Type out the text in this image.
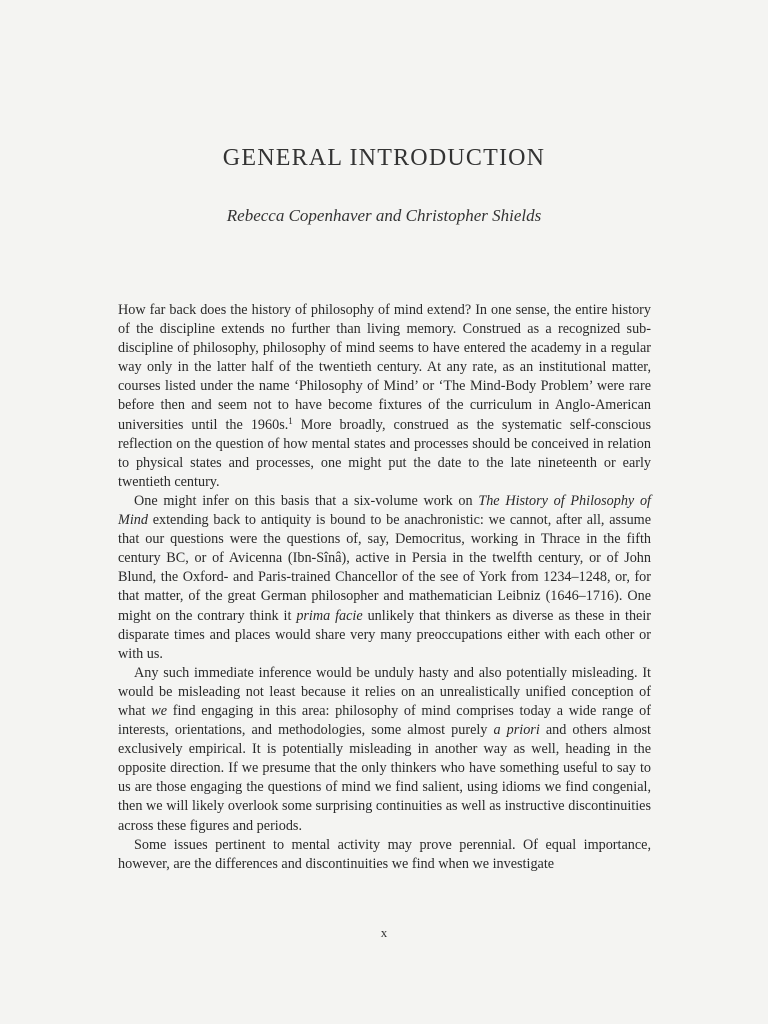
GENERAL INTRODUCTION

Rebecca Copenhaver and Christopher Shields

How far back does the history of philosophy of mind extend? In one sense, the entire history of the discipline extends no further than living memory. Construed as a recognized sub-discipline of philosophy, philosophy of mind seems to have entered the academy in a regular way only in the latter half of the twentieth century. At any rate, as an institutional matter, courses listed under the name ‘Philosophy of Mind’ or ‘The Mind-Body Problem’ were rare before then and seem not to have become fixtures of the curriculum in Anglo-American universities until the 1960s.$^1$ More broadly, construed as the systematic self-conscious reflection on the question of how mental states and processes should be conceived in relation to physical states and processes, one might put the date to the late nineteenth or early twentieth century.

One might infer on this basis that a six-volume work on The History of Philosophy of Mind extending back to antiquity is bound to be anachronistic: we cannot, after all, assume that our questions were the questions of, say, Democritus, working in Thrace in the fifth century BC, or of Avicenna (Ibn-Sînâ), active in Persia in the twelfth century, or of John Blund, the Oxford- and Paris-trained Chancellor of the see of York from 1234–1248, or, for that matter, of the great German philosopher and mathematician Leibniz (1646–1716). One might on the contrary think it prima facie unlikely that thinkers as diverse as these in their disparate times and places would share very many preoccupations either with each other or with us.

Any such immediate inference would be unduly hasty and also potentially misleading. It would be misleading not least because it relies on an unrealistically unified conception of what we find engaging in this area: philosophy of mind comprises today a wide range of interests, orientations, and methodologies, some almost purely a priori and others almost exclusively empirical. It is potentially misleading in another way as well, heading in the opposite direction. If we presume that the only thinkers who have something useful to say to us are those engaging the questions of mind we find salient, using idioms we find congenial, then we will likely overlook some surprising continuities as well as instructive discontinuities across these figures and periods.

Some issues pertinent to mental activity may prove perennial. Of equal importance, however, are the differences and discontinuities we find when we investigate

x
